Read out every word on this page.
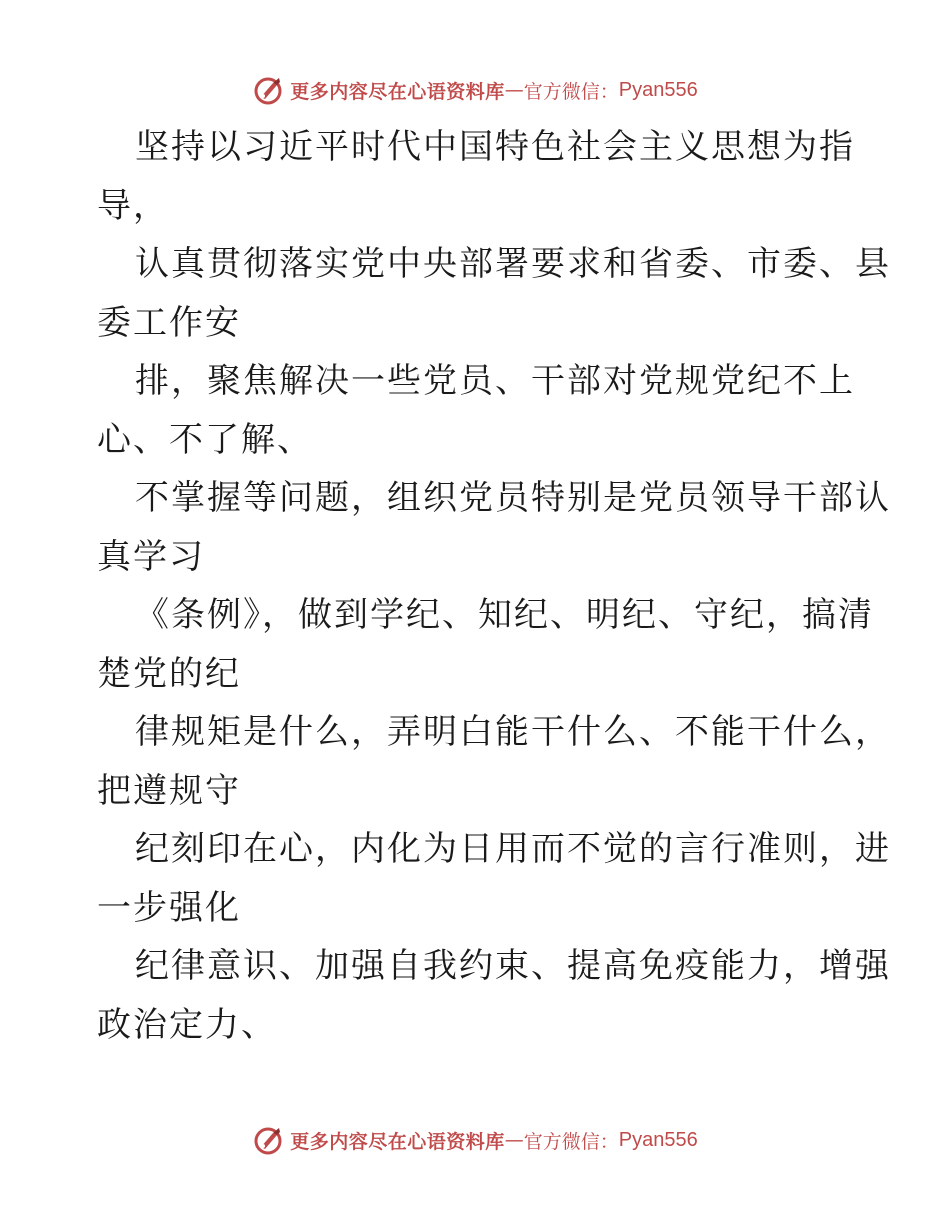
更多内容尽在心语资料库 — 官方微信： Pyan556
坚持以习近平时代中国特色社会主义思想为指
导，
认真贯彻落实党中央部署要求和省委、市委、县
委工作安
排，聚焦解决一些党员、干部对党规党纪不上
心、不了解、
不掌握等问题，组织党员特别是党员领导干部认
真学习
《条例》，做到学纪、知纪、明纪、守纪，搞清
楚党的纪
律规矩是什么，弄明白能干什么、不能干什么，
把遵规守
纪刻印在心，内化为日用而不觉的言行准则，进
一步强化
纪律意识、加强自我约束、提高免疫能力，增强
政治定力、
更多内容尽在心语资料库 — 官方微信： Pyan556
